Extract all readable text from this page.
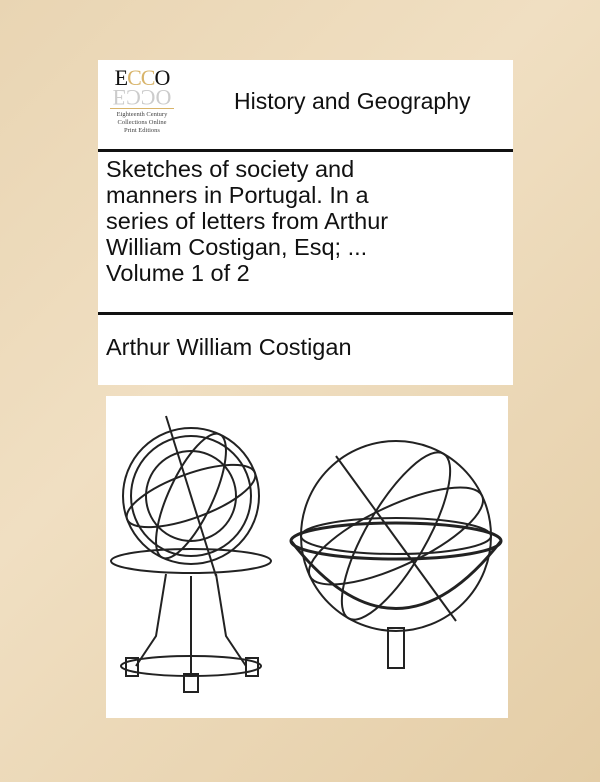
ECCO
EϽϽO
Eighteenth Century
Collections Online
Print Editions
History and Geography
Sketches of society and
manners in Portugal. In a
series of letters from Arthur
William Costigan, Esq; ...
Volume 1 of 2
Arthur William Costigan
